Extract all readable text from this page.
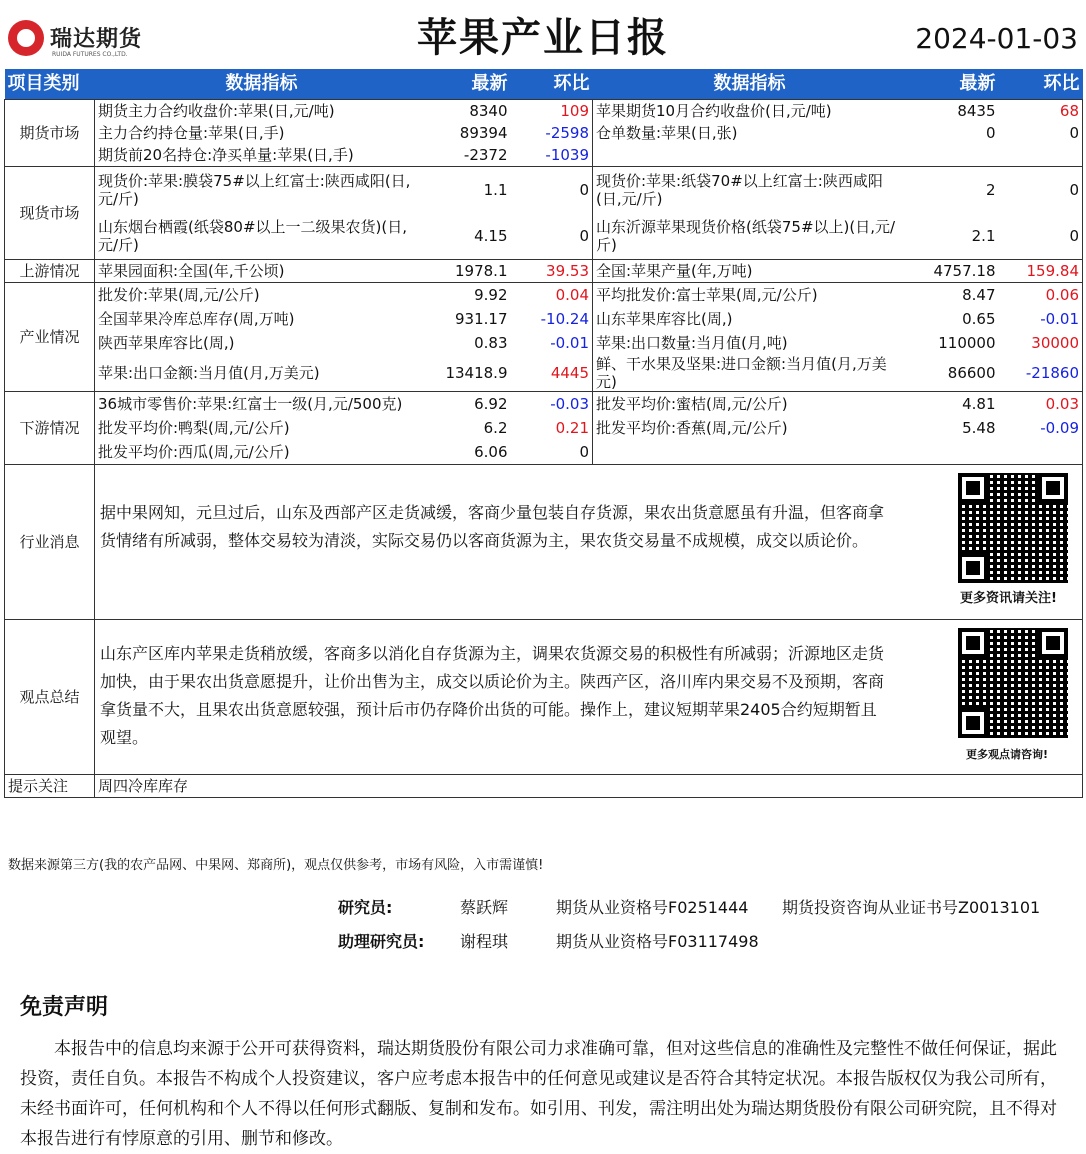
瑞达期货
RUIDA FUTURES CO.,LTD.	苹果产业日报	2024-01-03
项目类别	数据指标	最新	环比	数据指标	最新	环比
期货市场	期货主力合约收盘价:苹果(日,元/吨)	8340	109	苹果期货10月合约收盘价(日,元/吨)	8435	68
	主力合约持仓量:苹果(日,手)	89394	-2598	仓单数量:苹果(日,张)	0	0
	期货前20名持仓:净买单量:苹果(日,手)	-2372	-1039			
现货市场	现货价:苹果:膜袋75#以上红富士:陕西咸阳(日,元/斤)	1.1	0	现货价:苹果:纸袋70#以上红富士:陕西咸阳(日,元/斤)	2	0
	山东烟台栖霞(纸袋80#以上一二级果农货)(日,元/斤)	4.15	0	山东沂源苹果现货价格(纸袋75#以上)(日,元/斤)	2.1	0
上游情况	苹果园面积:全国(年,千公顷)	1978.1	39.53	全国:苹果产量(年,万吨)	4757.18	159.84
产业情况	批发价:苹果(周,元/公斤)	9.92	0.04	平均批发价:富士苹果(周,元/公斤)	8.47	0.06
	全国苹果冷库总库存(周,万吨)	931.17	-10.24	山东苹果库容比(周,)	0.65	-0.01
	陕西苹果库容比(周,)	0.83	-0.01	苹果:出口数量:当月值(月,吨)	110000	30000
	苹果:出口金额:当月值(月,万美元)	13418.9	4445	鲜、干水果及坚果:进口金额:当月值(月,万美元)	86600	-21860
下游情况	36城市零售价:苹果:红富士一级(月,元/500克)	6.92	-0.03	批发平均价:蜜桔(周,元/公斤)	4.81	0.03
	批发平均价:鸭梨(周,元/公斤)	6.2	0.21	批发平均价:香蕉(周,元/公斤)	5.48	-0.09
	批发平均价:西瓜(周,元/公斤)	6.06	0			
行业消息	据中果网知，元旦过后，山东及西部产区走货减缓，客商少量包装自存货源，果农出货意愿虽有升温，但客商拿货情绪有所减弱，整体交易较为清淡，实际交易仍以客商货源为主，果农货交易量不成规模，成交以质论价。
更多资讯请关注!					

观点总结	山东产区库内苹果走货稍放缓，客商多以消化自存货源为主，调果农货源交易的积极性有所减弱；沂源地区走货加快，由于果农出货意愿提升，让价出售为主，成交以质论价为主。陕西产区，洛川库内果交易不及预期，客商拿货量不大，且果农出货意愿较强，预计后市仍存降价出货的可能。操作上，建议短期苹果2405合约短期暂且观望。
更多观点请咨询!					

提示关注	周四冷库库存					
数据来源第三方(我的农产品网、中果网、郑商所)，观点仅供参考，市场有风险，入市需谨慎!
研究员:	蔡跃辉	期货从业资格号F0251444 期货投资咨询从业证书号Z0013101
助理研究员: 谢程琪	期货从业资格号F03117498
免责声明
本报告中的信息均来源于公开可获得资料，瑞达期货股份有限公司力求准确可靠，但对这些信息的准确性及完整性不做任何保证，据此投资，责任自负。本报告不构成个人投资建议，客户应考虑本报告中的任何意见或建议是否符合其特定状况。本报告版权仅为我公司所有，未经书面许可，任何机构和个人不得以任何形式翻版、复制和发布。如引用、刊发，需注明出处为瑞达期货股份有限公司研究院，且不得对本报告进行有悖原意的引用、删节和修改。
